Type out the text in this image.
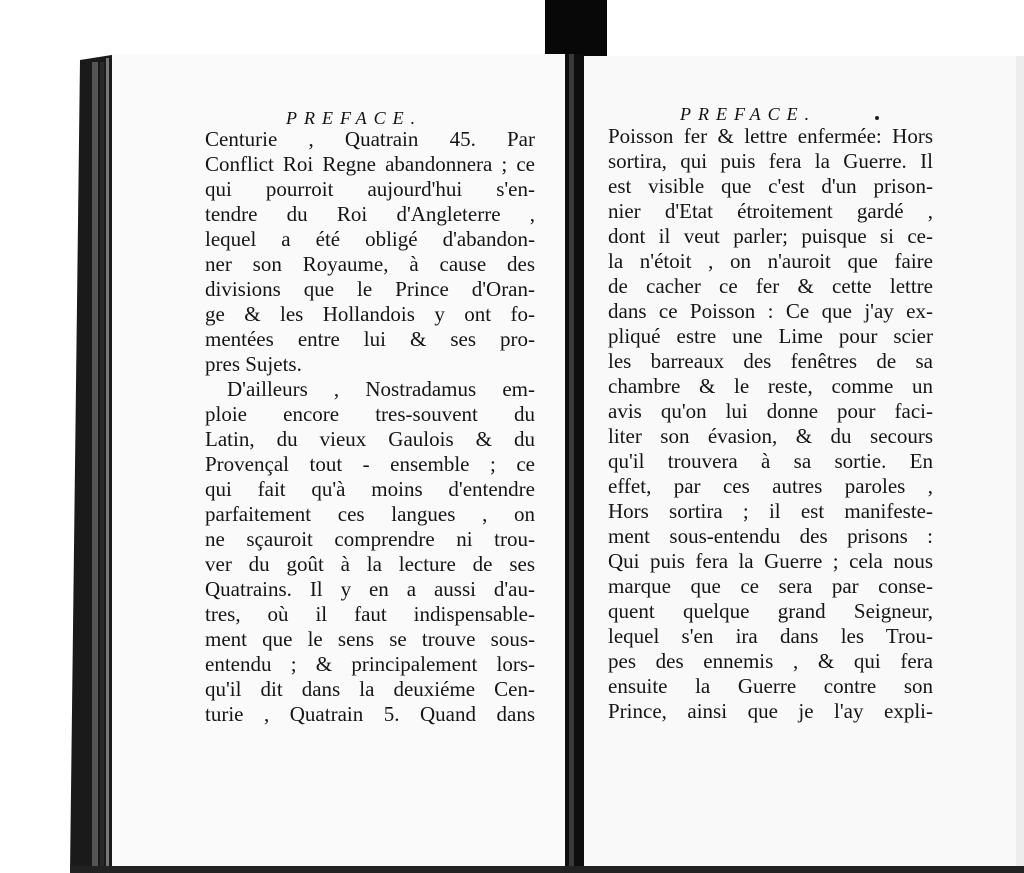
PREFACE.
Centurie , Quatrain 45. Par
Conflict Roi Regne abandonnera ; ce
qui pourroit aujourd'hui s'en-
tendre du Roi d'Angleterre ,
lequel a été obligé d'abandon-
ner son Royaume, à cause des
divisions que le Prince d'Oran-
ge & les Hollandois y ont fo-
mentées entre lui & ses pro-
pres Sujets.
D'ailleurs , Nostradamus em-
ploie encore tres-souvent du
Latin, du vieux Gaulois & du
Provençal tout - ensemble ; ce
qui fait qu'à moins d'entendre
parfaitement ces langues , on
ne sçauroit comprendre ni trou-
ver du goût à la lecture de ses
Quatrains. Il y en a aussi d'au-
tres, où il faut indispensable-
ment que le sens se trouve sous-
entendu ; & principalement lors-
qu'il dit dans la deuxiéme Cen-
turie , Quatrain 5. Quand dans
PREFACE.
Poisson fer & lettre enfermée: Hors
sortira, qui puis fera la Guerre. Il
est visible que c'est d'un prison-
nier d'Etat étroitement gardé ,
dont il veut parler; puisque si ce-
la n'étoit , on n'auroit que faire
de cacher ce fer & cette lettre
dans ce Poisson : Ce que j'ay ex-
pliqué estre une Lime pour scier
les barreaux des fenêtres de sa
chambre & le reste, comme un
avis qu'on lui donne pour faci-
liter son évasion, & du secours
qu'il trouvera à sa sortie. En
effet, par ces autres paroles ,
Hors sortira ; il est manifeste-
ment sous-entendu des prisons :
Qui puis fera la Guerre ; cela nous
marque que ce sera par conse-
quent quelque grand Seigneur,
lequel s'en ira dans les Trou-
pes des ennemis , & qui fera
ensuite la Guerre contre son
Prince, ainsi que je l'ay expli-
